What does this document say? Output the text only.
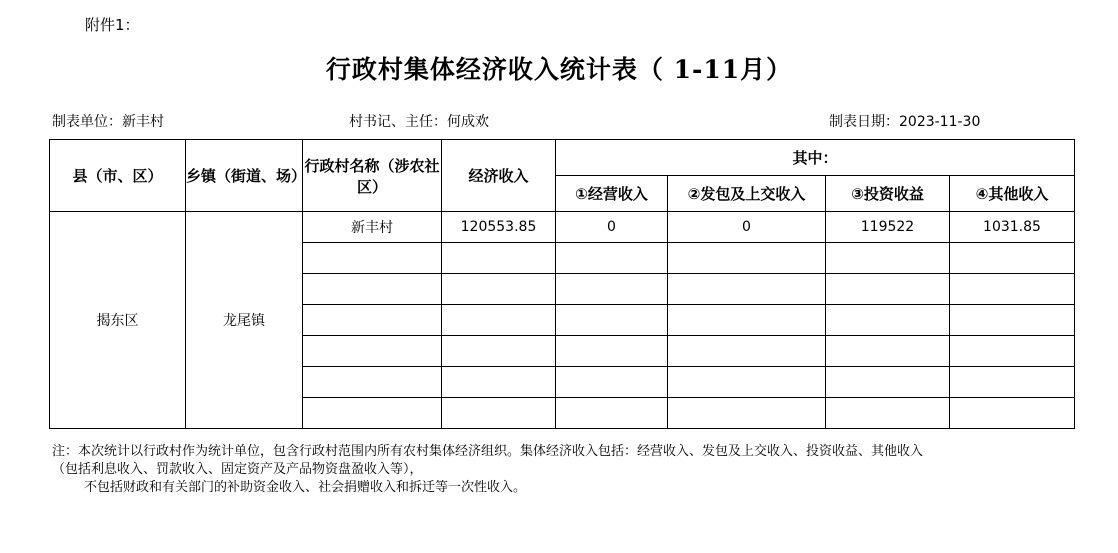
附件1：
行政村集体经济收入统计表（ 1-11月）
制表单位：新丰村	村书记、主任：何成欢	制表日期：2023-11-30
县（市、区）	乡镇（街道、场）	行政村名称（涉农社区）	经济收入	其中：			
				①经营收入	②发包及上交收入	③投资收益	④其他收入
揭东区	龙尾镇	新丰村	120553.85	0	0	119522	1031.85

注：本次统计以行政村作为统计单位，包含行政村范围内所有农村集体经济组织。集体经济收入包括：经营收入、发包及上交收入、投资收益、其他收入
（包括利息收入、罚款收入、固定资产及产品物资盘盈收入等），
不包括财政和有关部门的补助资金收入、社会捐赠收入和拆迁等一次性收入。
